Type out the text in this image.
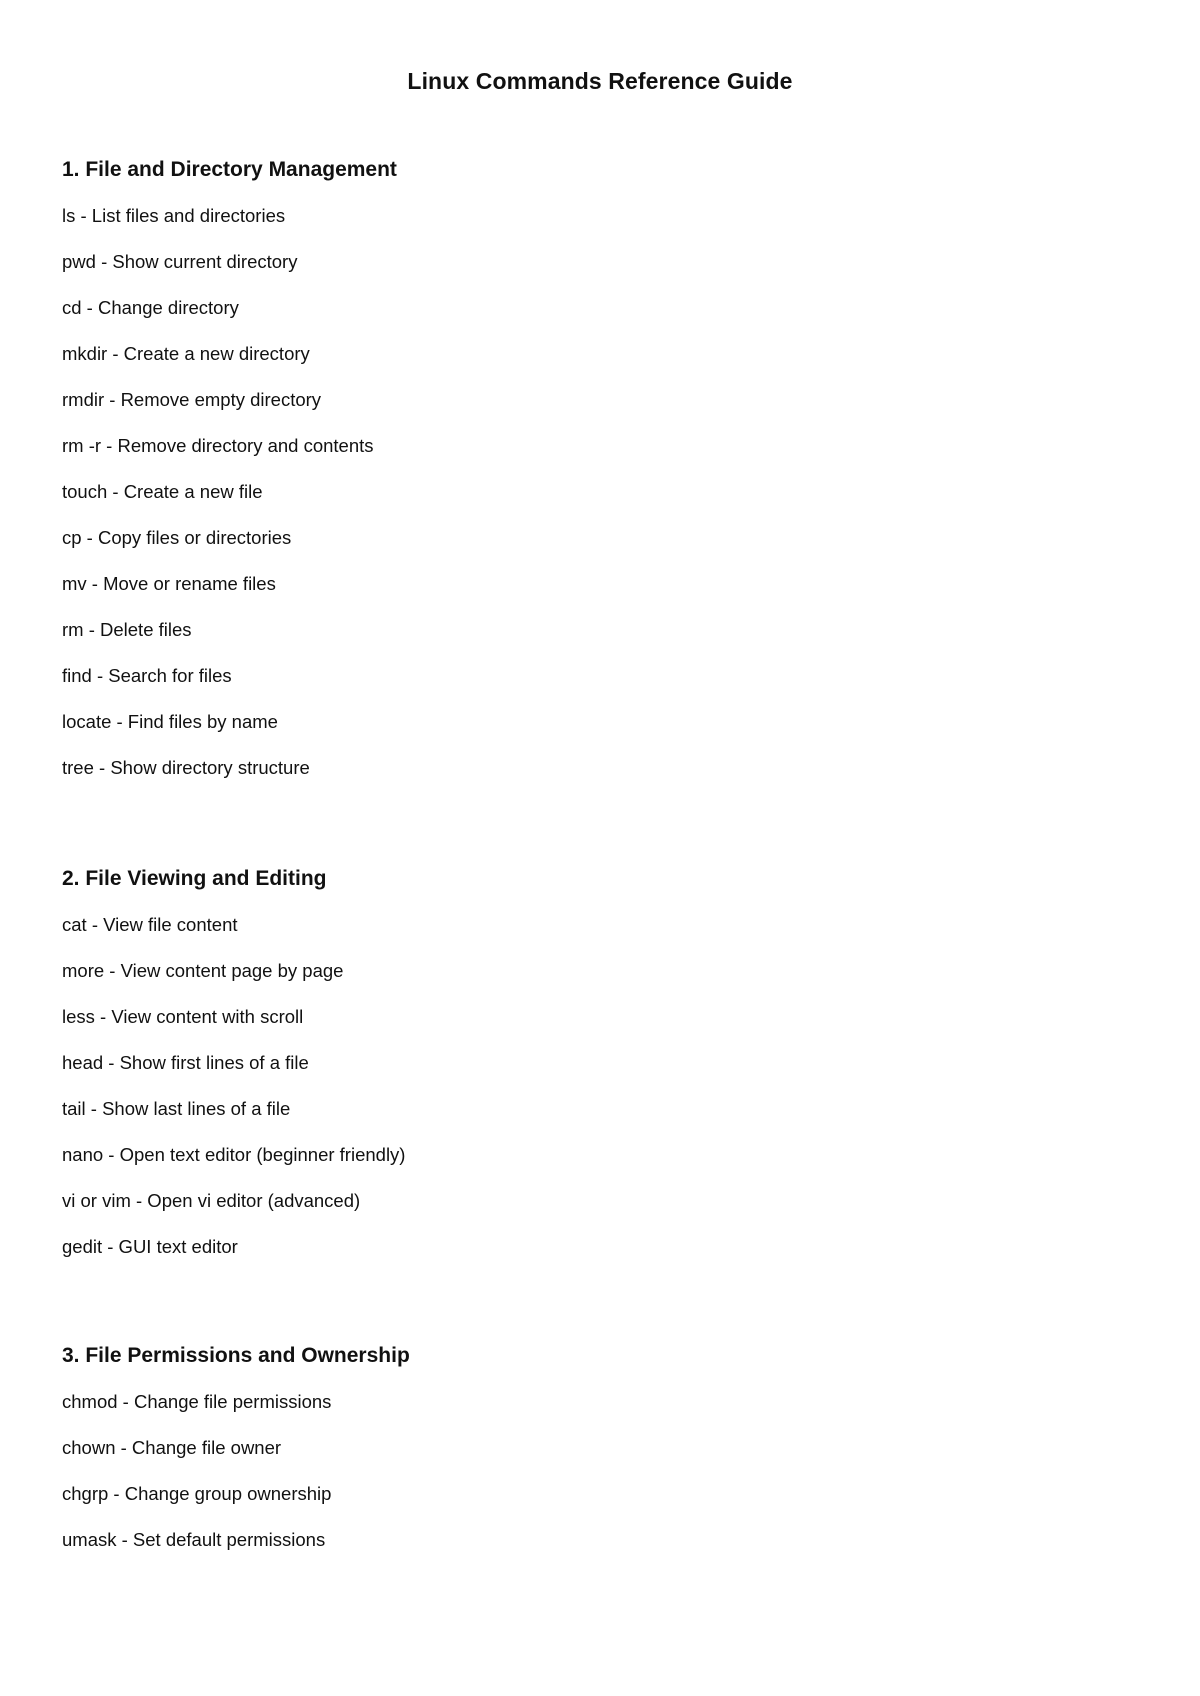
Linux Commands Reference Guide
1. File and Directory Management
ls - List files and directories
pwd - Show current directory
cd - Change directory
mkdir - Create a new directory
rmdir - Remove empty directory
rm -r - Remove directory and contents
touch - Create a new file
cp - Copy files or directories
mv - Move or rename files
rm - Delete files
find - Search for files
locate - Find files by name
tree - Show directory structure
2. File Viewing and Editing
cat - View file content
more - View content page by page
less - View content with scroll
head - Show first lines of a file
tail - Show last lines of a file
nano - Open text editor (beginner friendly)
vi or vim - Open vi editor (advanced)
gedit - GUI text editor
3. File Permissions and Ownership
chmod - Change file permissions
chown - Change file owner
chgrp - Change group ownership
umask - Set default permissions
